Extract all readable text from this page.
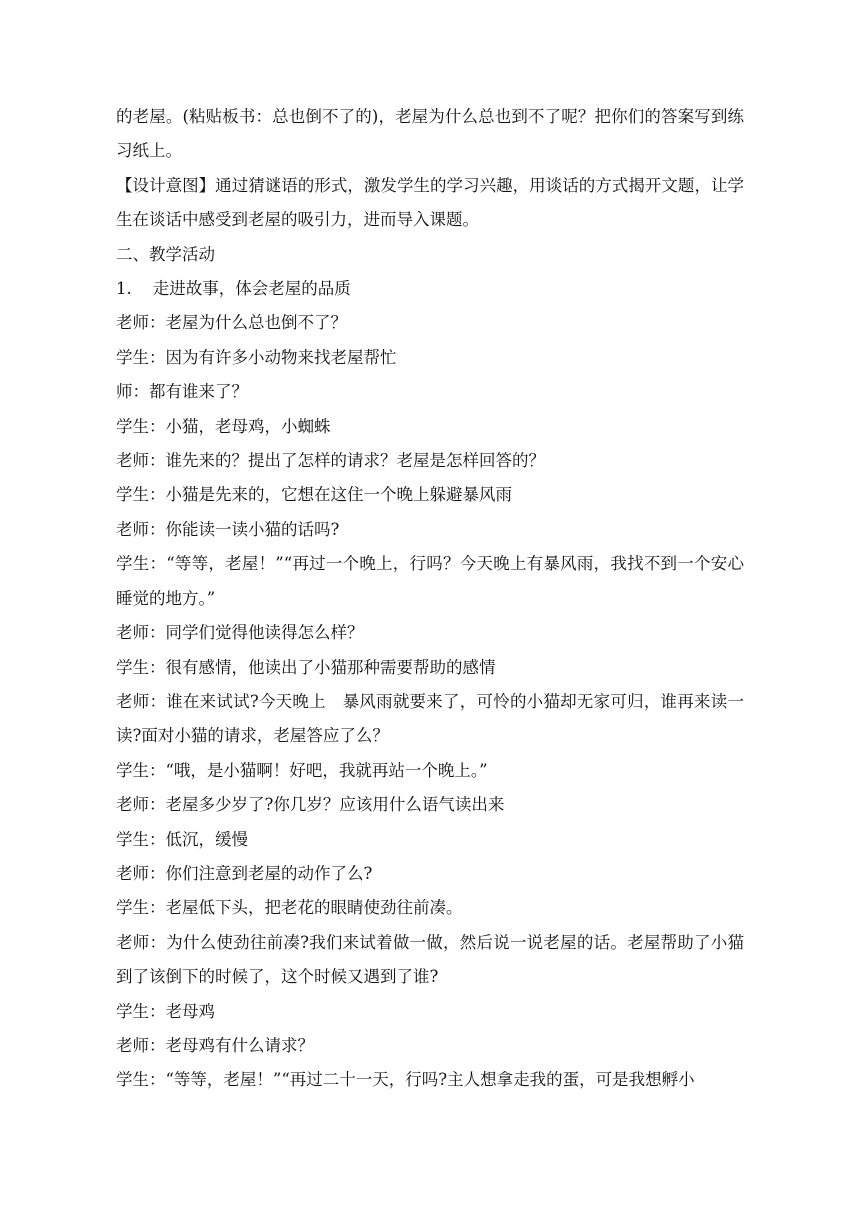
的老屋。(粘贴板书：总也倒不了的)，老屋为什么总也到不了呢？把你们的答案写到练习纸上。

【设计意图】通过猜谜语的形式，激发学生的学习兴趣，用谈话的方式揭开文题，让学生在谈话中感受到老屋的吸引力，进而导入课题。

二、教学活动

1.    走进故事，体会老屋的品质

老师：老屋为什么总也倒不了？

学生：因为有许多小动物来找老屋帮忙

师：都有谁来了？

学生：小猫，老母鸡，小蜘蛛

老师：谁先来的？提出了怎样的请求？老屋是怎样回答的？

学生：小猫是先来的，它想在这住一个晚上躲避暴风雨

老师：你能读一读小猫的话吗?

学生：“等等，老屋！”“再过一个晚上，行吗？今天晚上有暴风雨，我找不到一个安心睡觉的地方。”

老师：同学们觉得他读得怎么样？

学生：很有感情，他读出了小猫那种需要帮助的感情

老师：谁在来试试?今天晚上　暴风雨就要来了，可怜的小猫却无家可归，谁再来读一读?面对小猫的请求，老屋答应了么？

学生：“哦，是小猫啊！好吧，我就再站一个晚上。”

老师：老屋多少岁了?你几岁？应该用什么语气读出来

学生：低沉，缓慢

老师：你们注意到老屋的动作了么?

学生：老屋低下头，把老花的眼睛使劲往前凑。

老师：为什么使劲往前凑?我们来试着做一做，然后说一说老屋的话。老屋帮助了小猫到了该倒下的时候了，这个时候又遇到了谁?

学生：老母鸡

老师：老母鸡有什么请求？

学生：“等等，老屋！”“再过二十一天，行吗?主人想拿走我的蛋，可是我想孵小
